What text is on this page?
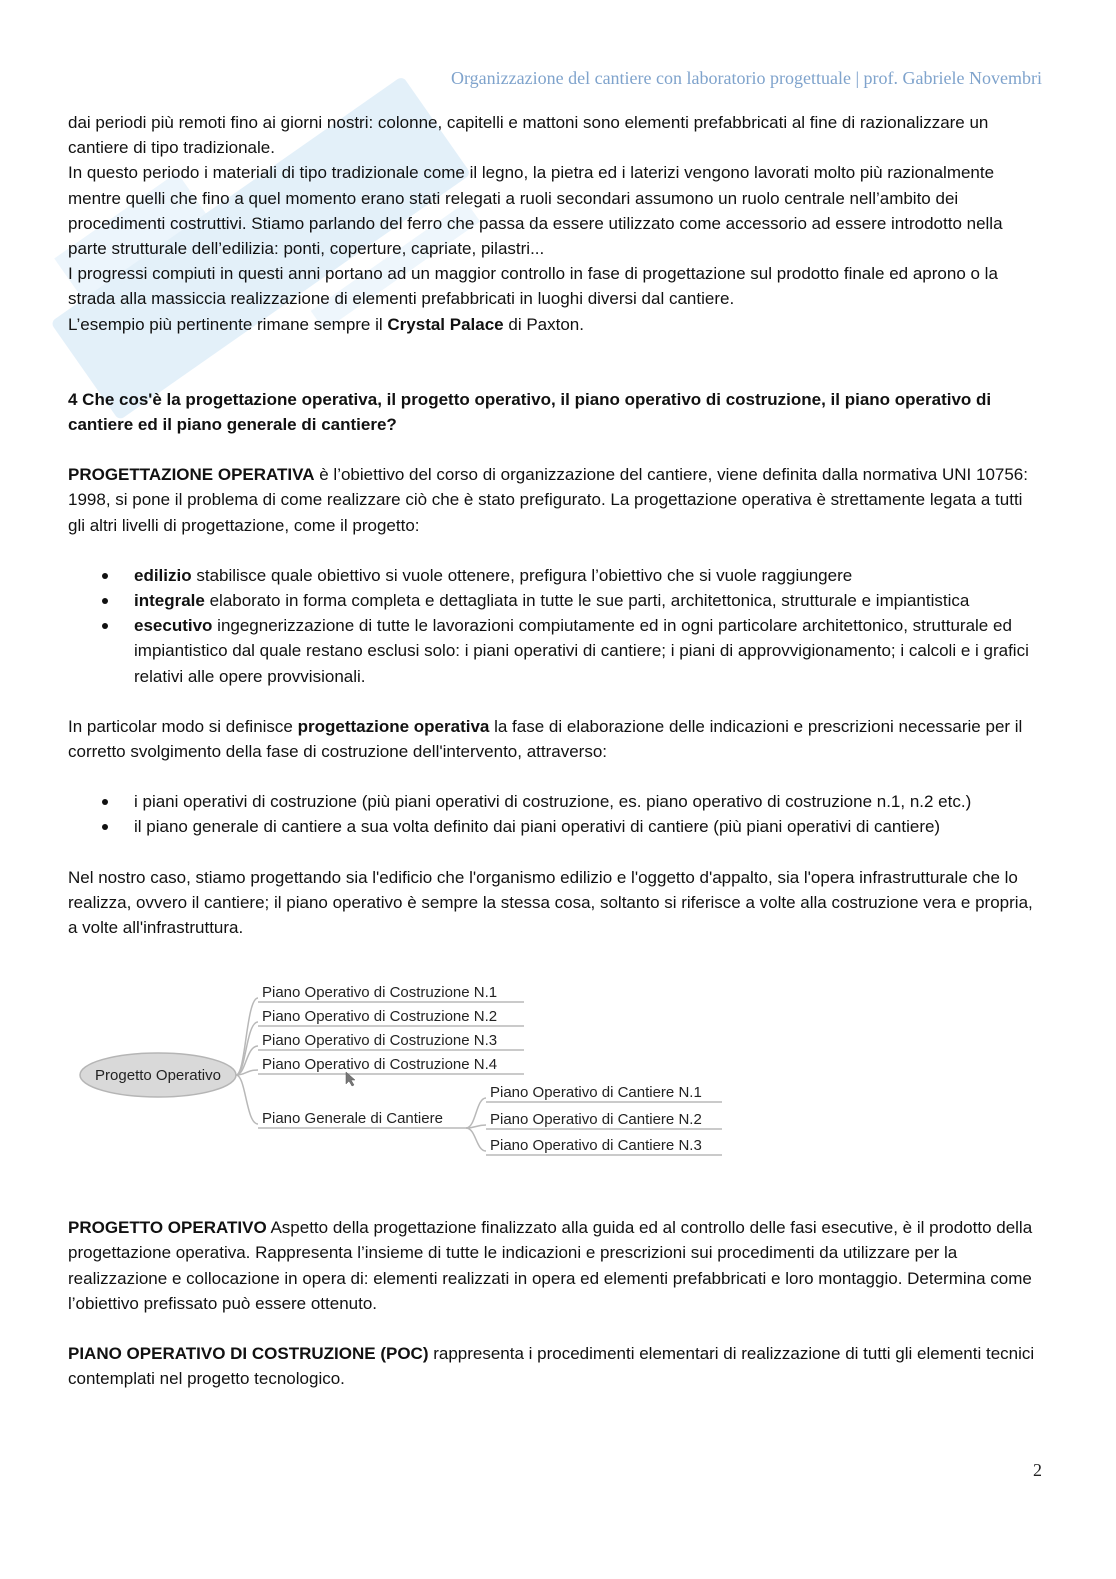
Organizzazione del cantiere con laboratorio progettuale | prof. Gabriele Novembri

dai periodi più remoti fino ai giorni nostri: colonne, capitelli e mattoni sono elementi prefabbricati al fine di razionalizzare un cantiere di tipo tradizionale.

In questo periodo i materiali di tipo tradizionale come il legno, la pietra ed i laterizi vengono lavorati molto più razionalmente mentre quelli che fino a quel momento erano stati relegati a ruoli secondari assumono un ruolo centrale nell’ambito dei procedimenti costruttivi. Stiamo parlando del ferro che passa da essere utilizzato come accessorio ad essere introdotto nella parte strutturale dell’edilizia: ponti, coperture, capriate, pilastri...

I progressi compiuti in questi anni portano ad un maggior controllo in fase di progettazione sul prodotto finale ed aprono o la strada alla massiccia realizzazione di elementi prefabbricati in luoghi diversi dal cantiere.

L’esempio più pertinente rimane sempre il Crystal Palace di Paxton.

4 Che cos'è la progettazione operativa, il progetto operativo, il piano operativo di costruzione, il piano operativo di cantiere ed il piano generale di cantiere?

PROGETTAZIONE OPERATIVA è l’obiettivo del corso di organizzazione del cantiere, viene definita dalla normativa UNI 10756: 1998, si pone il problema di come realizzare ciò che è stato prefigurato. La progettazione operativa è strettamente legata a tutti gli altri livelli di progettazione, come il progetto:

edilizio stabilisce quale obiettivo si vuole ottenere, prefigura l’obiettivo che si vuole raggiungere
integrale elaborato in forma completa e dettagliata in tutte le sue parti, architettonica, strutturale e impiantistica
esecutivo ingegnerizzazione di tutte le lavorazioni compiutamente ed in ogni particolare architettonico, strutturale ed impiantistico dal quale restano esclusi solo: i piani operativi di cantiere; i piani di approvvigionamento; i calcoli e i grafici relativi alle opere provvisionali.

In particolar modo si definisce progettazione operativa la fase di elaborazione delle indicazioni e prescrizioni necessarie per il corretto svolgimento della fase di costruzione dell'intervento, attraverso:

i piani operativi di costruzione (più piani operativi di costruzione, es. piano operativo di costruzione n.1, n.2 etc.)
il piano generale di cantiere a sua volta definito dai piani operativi di cantiere (più piani operativi di cantiere)

Nel nostro caso, stiamo progettando sia l'edificio che l'organismo edilizio e l'oggetto d'appalto, sia l'opera infrastrutturale che lo realizza, ovvero il cantiere; il piano operativo è sempre la stessa cosa, soltanto si riferisce a volte alla costruzione vera e propria, a volte all'infrastruttura.

Progetto Operativo
Piano Operativo di Costruzione N.1
Piano Operativo di Costruzione N.2
Piano Operativo di Costruzione N.3
Piano Operativo di Costruzione N.4
Piano Generale di Cantiere
Piano Operativo di Cantiere N.1
Piano Operativo di Cantiere N.2
Piano Operativo di Cantiere N.3

PROGETTO OPERATIVO Aspetto della progettazione finalizzato alla guida ed al controllo delle fasi esecutive, è il prodotto della progettazione operativa. Rappresenta l’insieme di tutte le indicazioni e prescrizioni sui procedimenti da utilizzare per la realizzazione e collocazione in opera di: elementi realizzati in opera ed elementi prefabbricati e loro montaggio. Determina come l’obiettivo prefissato può essere ottenuto.

PIANO OPERATIVO DI COSTRUZIONE (POC) rappresenta i procedimenti elementari di realizzazione di tutti gli elementi tecnici contemplati nel progetto tecnologico.

2
